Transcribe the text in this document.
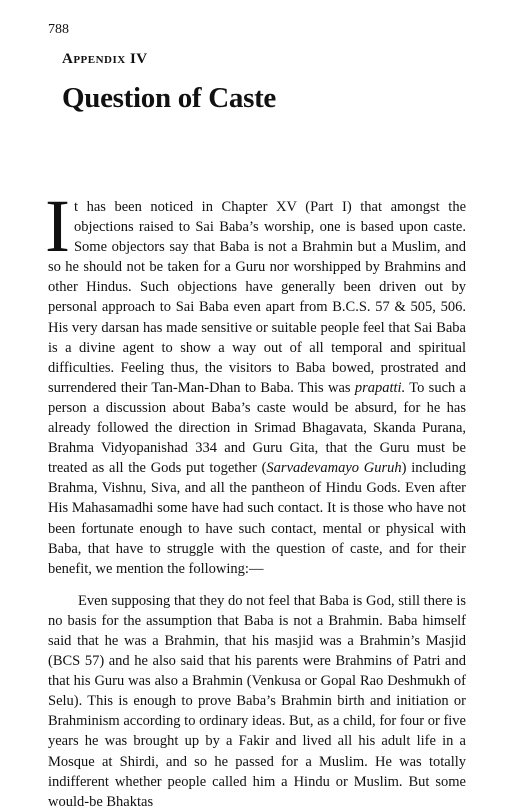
788
Appendix IV
Question of Caste

It has been noticed in Chapter XV (Part I) that amongst the objections raised to Sai Baba’s worship, one is based upon caste. Some objectors say that Baba is not a Brahmin but a Muslim, and so he should not be taken for a Guru nor worshipped by Brahmins and other Hindus. Such objections have generally been driven out by personal approach to Sai Baba even apart from B.C.S. 57 & 505, 506. His very darsan has made sensitive or suitable people feel that Sai Baba is a divine agent to show a way out of all temporal and spiritual difficulties. Feeling thus, the visitors to Baba bowed, prostrated and surrendered their Tan-Man-Dhan to Baba. This was prapatti. To such a person a discussion about Baba’s caste would be absurd, for he has already followed the direction in Srimad Bhagavata, Skanda Purana, Brahma Vidyopanishad 334 and Guru Gita, that the Guru must be treated as all the Gods put together (Sarvadevamayo Guruh) including Brahma, Vishnu, Siva, and all the pantheon of Hindu Gods. Even after His Mahasamadhi some have had such contact. It is those who have not been fortunate enough to have such contact, mental or physical with Baba, that have to struggle with the question of caste, and for their benefit, we mention the following:—

Even supposing that they do not feel that Baba is God, still there is no basis for the assumption that Baba is not a Brahmin. Baba himself said that he was a Brahmin, that his masjid was a Brahmin’s Masjid (BCS 57) and he also said that his parents were Brahmins of Patri and that his Guru was also a Brahmin (Venkusa or Gopal Rao Deshmukh of Selu). This is enough to prove Baba’s Brahmin birth and initiation or Brahminism according to ordinary ideas. But, as a child, for four or five years he was brought up by a Fakir and lived all his adult life in a Mosque at Shirdi, and so he passed for a Muslim. He was totally indifferent whether people called him a Hindu or Muslim. But some would-be Bhaktas
